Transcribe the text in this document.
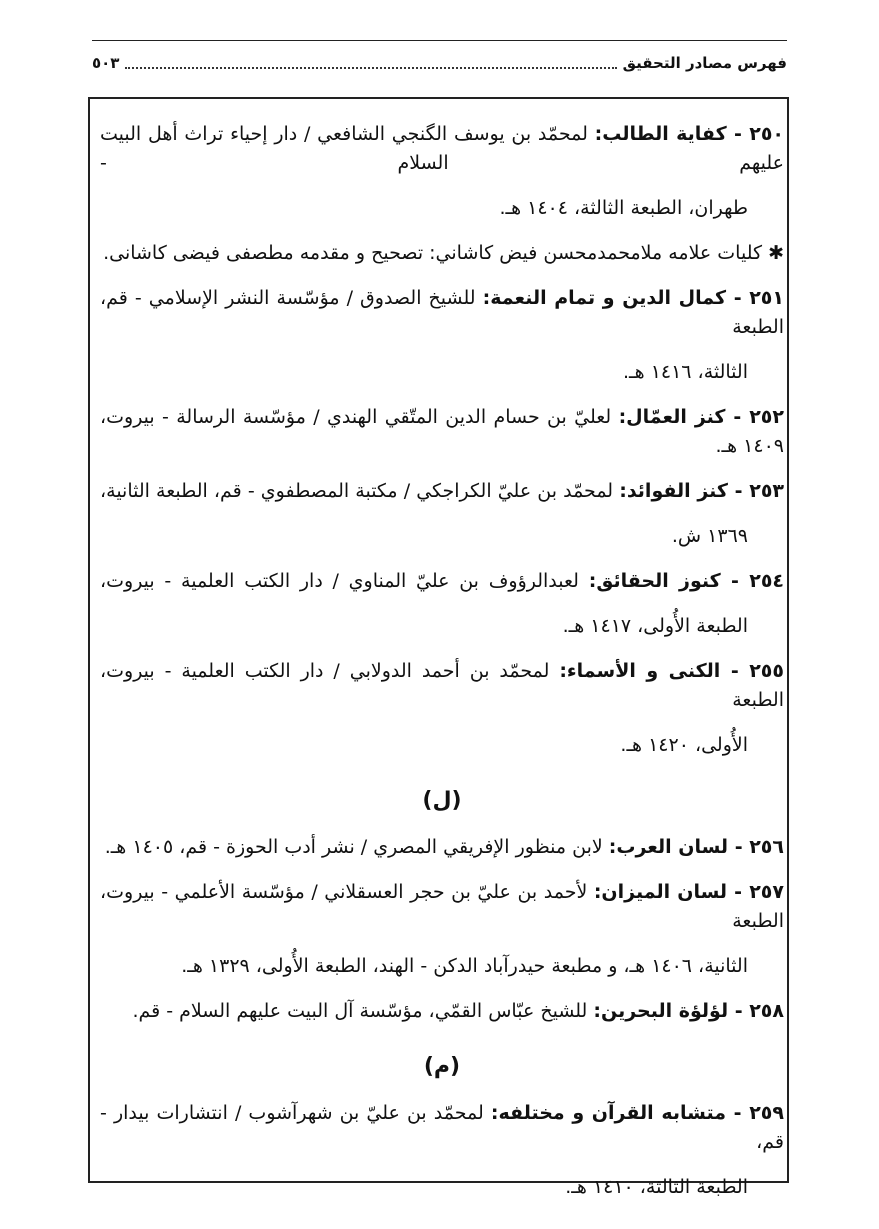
فهرس مصادر التحقيق
٥٠٣
٢٥٠ - كفاية الطالب: لمحمّد بن يوسف الگنجي الشافعي / دار إحياء تراث أهل البيت عليهم السلام -
طهران، الطبعة الثالثة، ١٤٠٤ هـ.
✱ كليات علامه ملامحمدمحسن فيض كاشاني: تصحيح و مقدمه مطصفى فيضى كاشانى.
٢٥١ - كمال الدين و تمام النعمة: للشيخ الصدوق / مؤسّسة النشر الإسلامي - قم، الطبعة
الثالثة، ١٤١٦ هـ.
٢٥٢ - كنز العمّال: لعليّ بن حسام الدين المتّقي الهندي / مؤسّسة الرسالة - بيروت، ١٤٠٩ هـ.
٢٥٣ - كنز الفوائد: لمحمّد بن عليّ الكراجكي / مكتبة المصطفوي - قم، الطبعة الثانية،
١٣٦٩ ش.
٢٥٤ - كنوز الحقائق: لعبدالرؤوف بن عليّ المناوي / دار الكتب العلمية - بيروت،
الطبعة الأُولى، ١٤١٧ هـ.
٢٥٥ - الكنى و الأسماء: لمحمّد بن أحمد الدولابي / دار الكتب العلمية - بيروت، الطبعة
الأُولى، ١٤٢٠ هـ.
(ل)
٢٥٦ - لسان العرب: لابن منظور الإفريقي المصري / نشر أدب الحوزة - قم، ١٤٠٥ هـ.
٢٥٧ - لسان الميزان: لأحمد بن عليّ بن حجر العسقلاني / مؤسّسة الأعلمي - بيروت، الطبعة
الثانية، ١٤٠٦ هـ، و مطبعة حيدرآباد الدكن - الهند، الطبعة الأُولى، ١٣٢٩ هـ.
٢٥٨ - لؤلؤة البحرين: للشيخ عبّاس القمّي، مؤسّسة آل البيت عليهم السلام - قم.
(م)
٢٥٩ - متشابه القرآن و مختلفه: لمحمّد بن عليّ بن شهرآشوب / انتشارات بيدار - قم،
الطبعة الثالثة، ١٤١٠ هـ.
